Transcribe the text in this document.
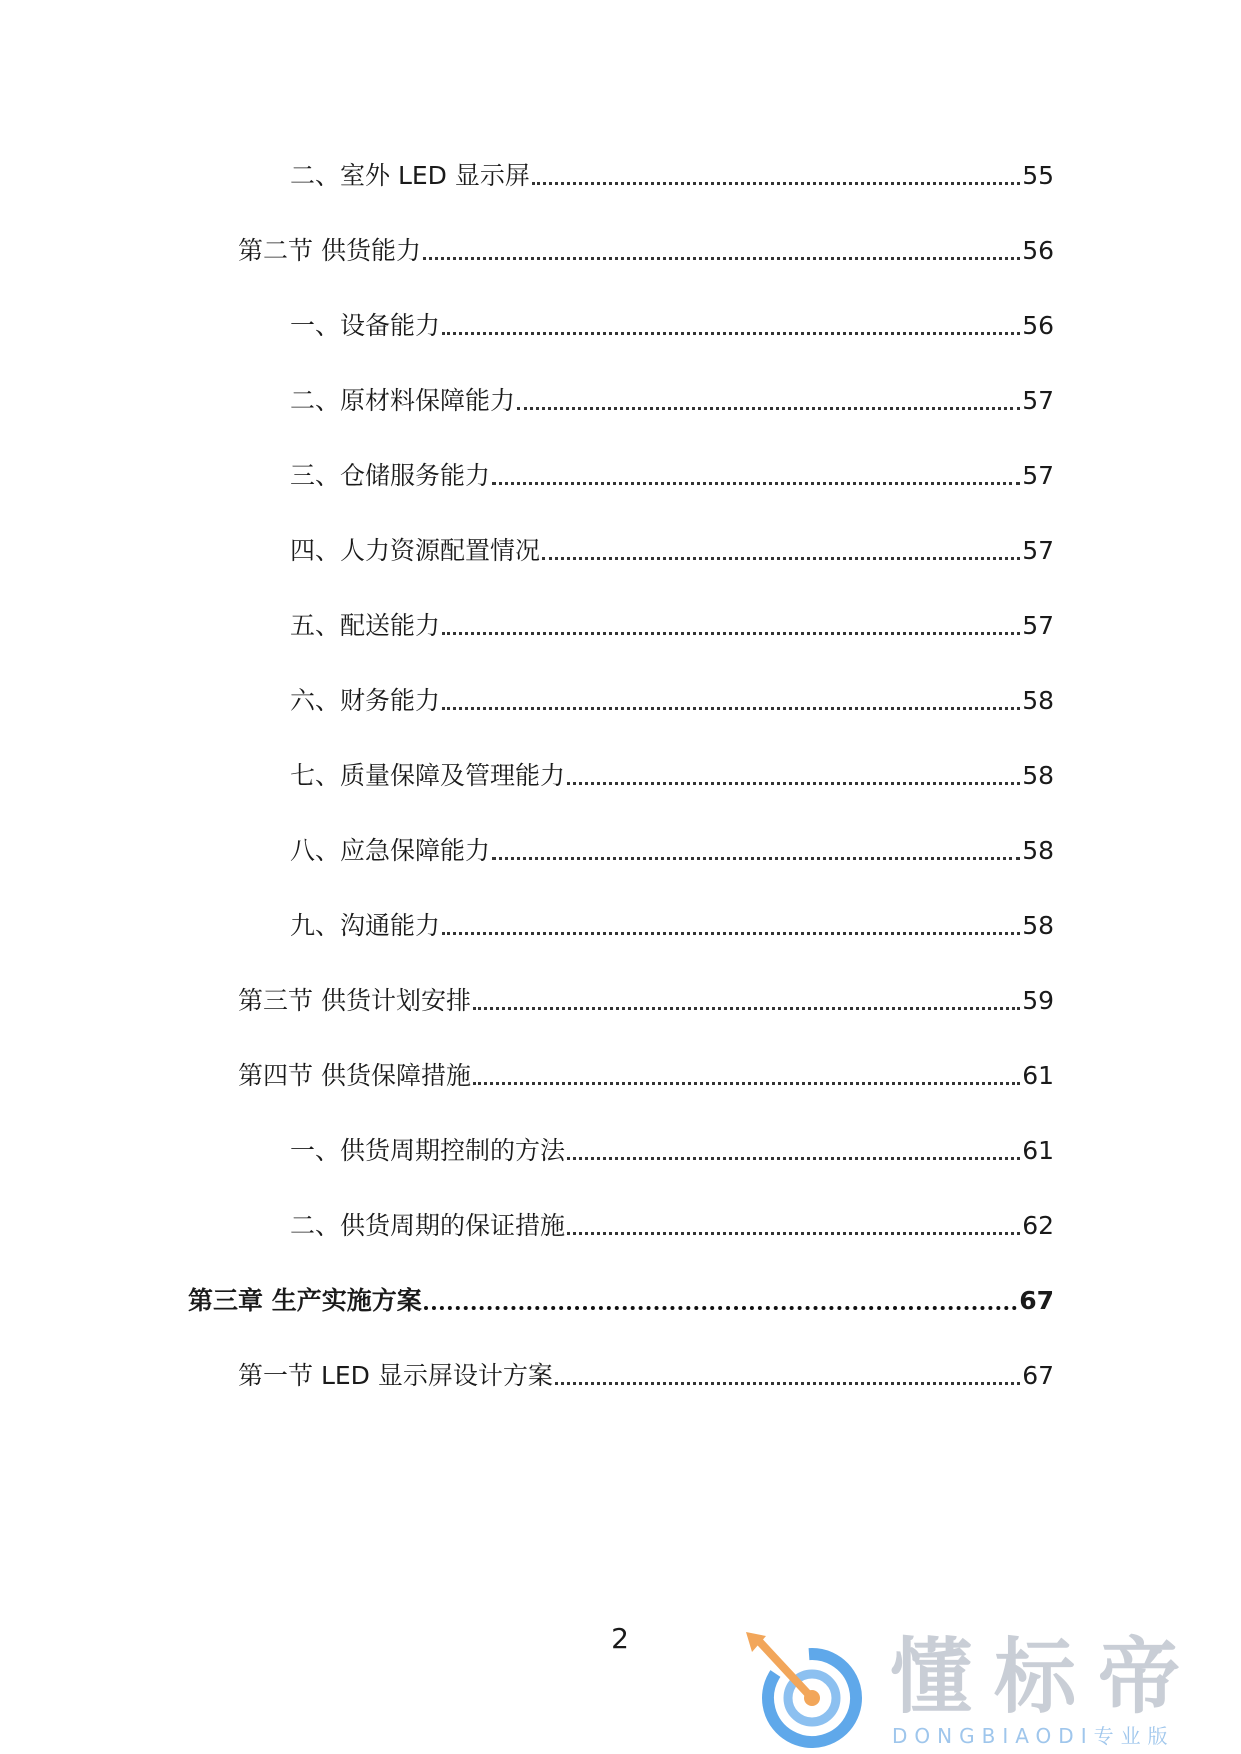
二、室外 LED 显示屏	55
第二节 供货能力	56
一、设备能力	56
二、原材料保障能力	57
三、仓储服务能力	57
四、人力资源配置情况	57
五、配送能力	57
六、财务能力	58
七、质量保障及管理能力	58
八、应急保障能力	58
九、沟通能力	58
第三节 供货计划安排	59
第四节 供货保障措施	61
一、供货周期控制的方法	61
二、供货周期的保证措施	62
第三章 生产实施方案	67
第一节 LED 显示屏设计方案	67
2	懂标帝
DONGBIAODI专业版
